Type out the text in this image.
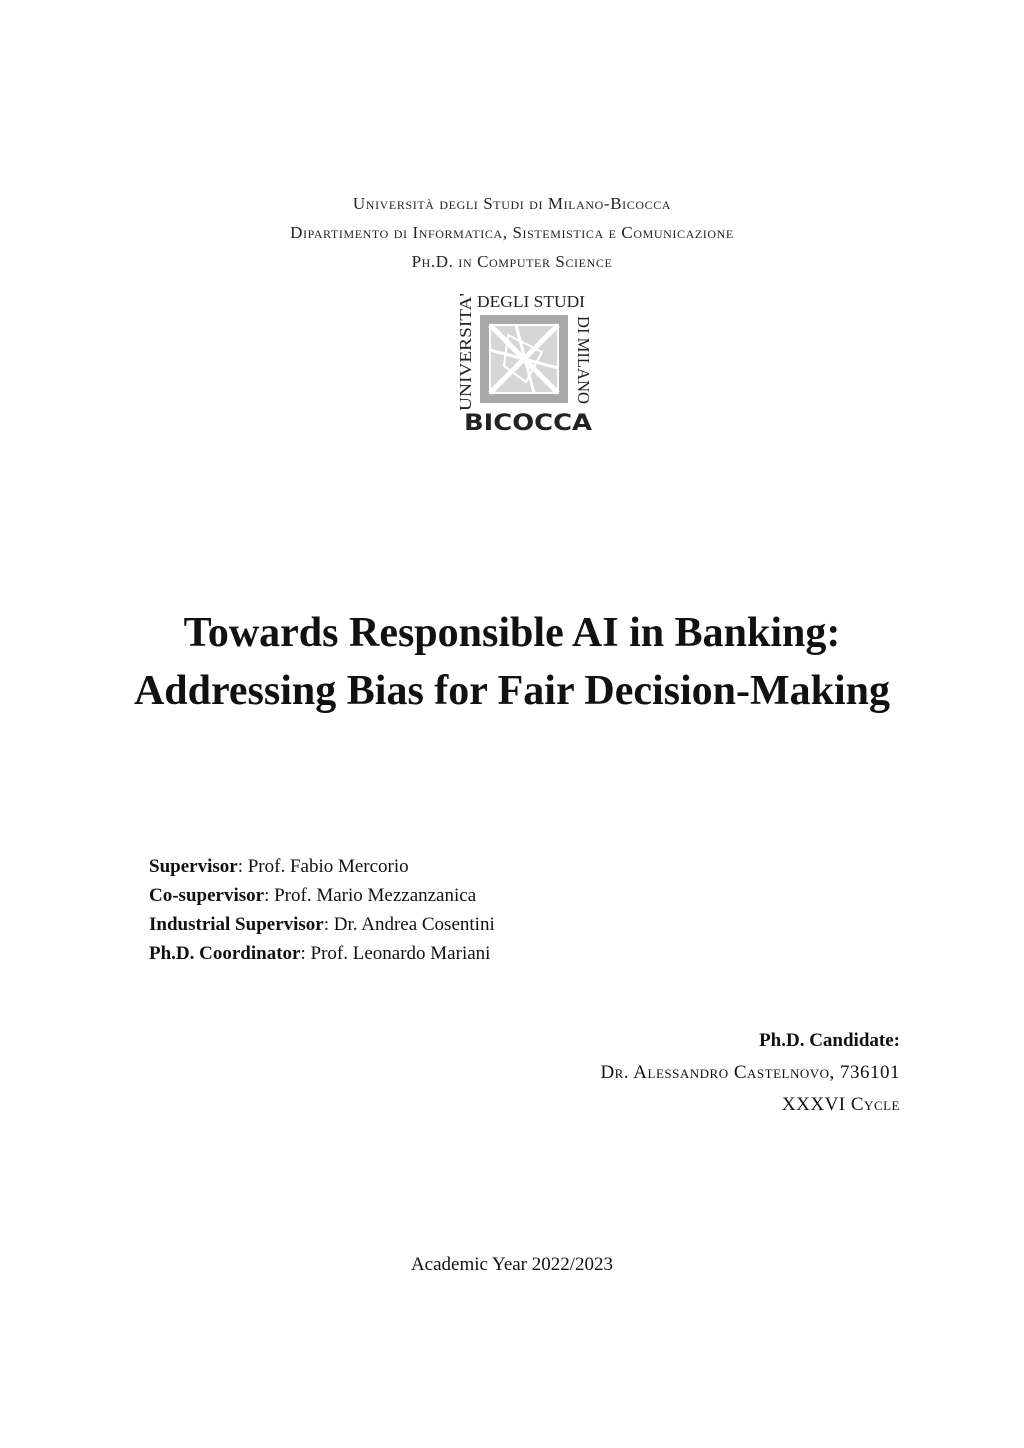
Università degli Studi di Milano-Bicocca
Dipartimento di Informatica, Sistemistica e Comunicazione
Ph.D. in Computer Science
DEGLI STUDI
UNIVERSITA'	DI MILANO
BICOCCA
Towards Responsible AI in Banking:
Addressing Bias for Fair Decision-Making
Supervisor: Prof. Fabio Mercorio
Co-supervisor: Prof. Mario Mezzanzanica
Industrial Supervisor: Dr. Andrea Cosentini
Ph.D. Coordinator: Prof. Leonardo Mariani
Ph.D. Candidate:
Dr. Alessandro Castelnovo, 736101
XXXVI Cycle
Academic Year 2022/2023
